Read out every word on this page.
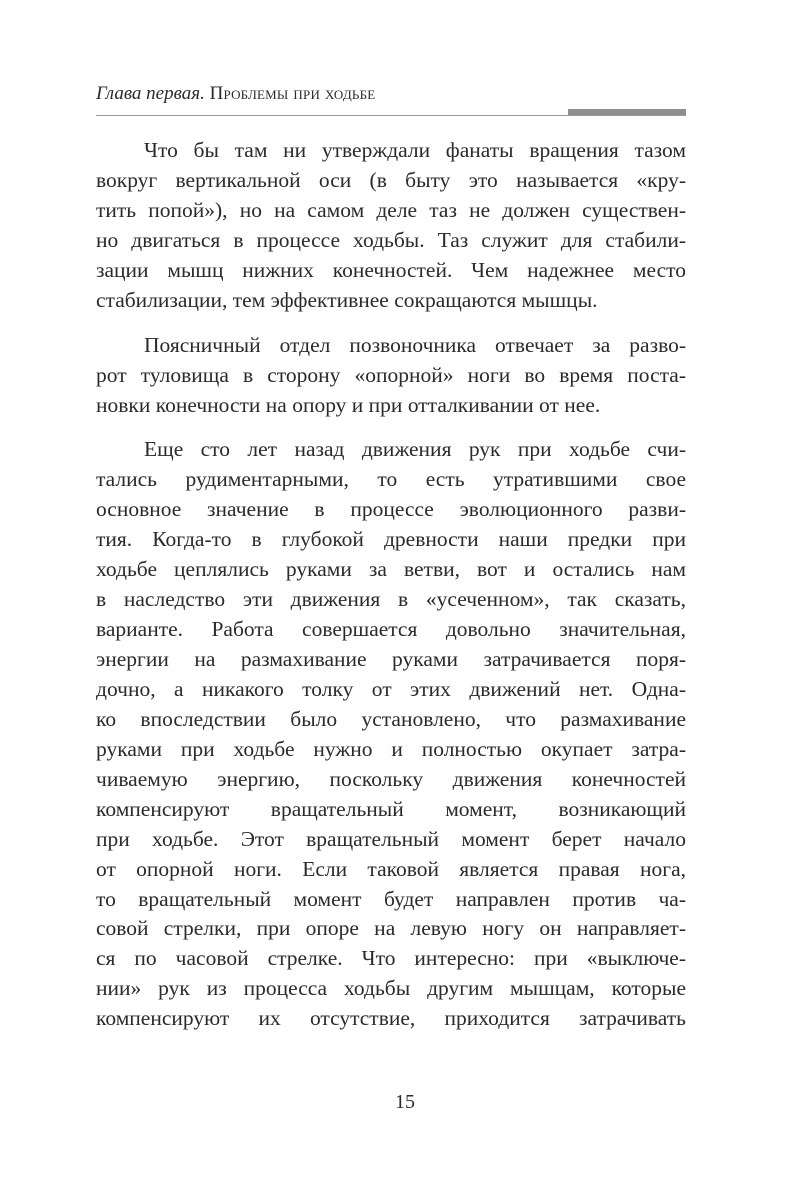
Глава первая. Проблемы при ходьбе
Что бы там ни утверждали фанаты вращения тазом
вокруг вертикальной оси (в быту это называется «кру-
тить попой»), но на самом деле таз не должен существен-
но двигаться в процессе ходьбы. Таз служит для стабили-
зации мышц нижних конечностей. Чем надежнее место
стабилизации, тем эффективнее сокращаются мышцы.
Поясничный отдел позвоночника отвечает за разво-
рот туловища в сторону «опорной» ноги во время поста-
новки конечности на опору и при отталкивании от нее.
Еще сто лет назад движения рук при ходьбе счи-
тались рудиментарными, то есть утратившими свое
основное значение в процессе эволюционного разви-
тия. Когда-то в глубокой древности наши предки при
ходьбе цеплялись руками за ветви, вот и остались нам
в наследство эти движения в «усеченном», так сказать,
варианте. Работа совершается довольно значительная,
энергии на размахивание руками затрачивается поря-
дочно, а никакого толку от этих движений нет. Одна-
ко впоследствии было установлено, что размахивание
руками при ходьбе нужно и полностью окупает затра-
чиваемую энергию, поскольку движения конечностей
компенсируют вращательный момент, возникающий
при ходьбе. Этот вращательный момент берет начало
от опорной ноги. Если таковой является правая нога,
то вращательный момент будет направлен против ча-
совой стрелки, при опоре на левую ногу он направляет-
ся по часовой стрелке. Что интересно: при «выключе-
нии» рук из процесса ходьбы другим мышцам, которые
компенсируют их отсутствие, приходится затрачивать
15
